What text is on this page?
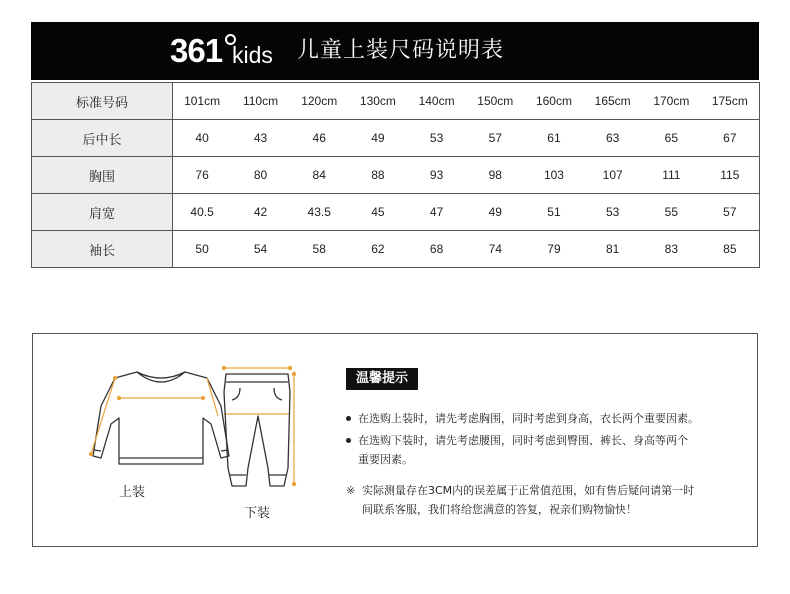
361 kids 儿童上装尺码说明表
标准号码	101cm	110cm	120cm	130cm	140cm	150cm	160cm	165cm	170cm	175cm
后中长	40	43	46	49	53	57	61	63	65	67
胸围	76	80	84	88	93	98	103	107	111	115
肩宽	40.5	42	43.5	45	47	49	51	53	55	57
袖长	50	54	58	62	68	74	79	81	83	85
上装
下装
温馨提示
在选购上装时，请先考虑胸围，同时考虑到身高，衣长两个重要因素。
在选购下装时，请先考虑腰围，同时考虑到臀围、裤长、身高等两个
重要因素。
※ 实际测量存在3CM内的误差属于正常值范围，如有售后疑问请第一时
间联系客服，我们将给您满意的答复，祝亲们购物愉快！
